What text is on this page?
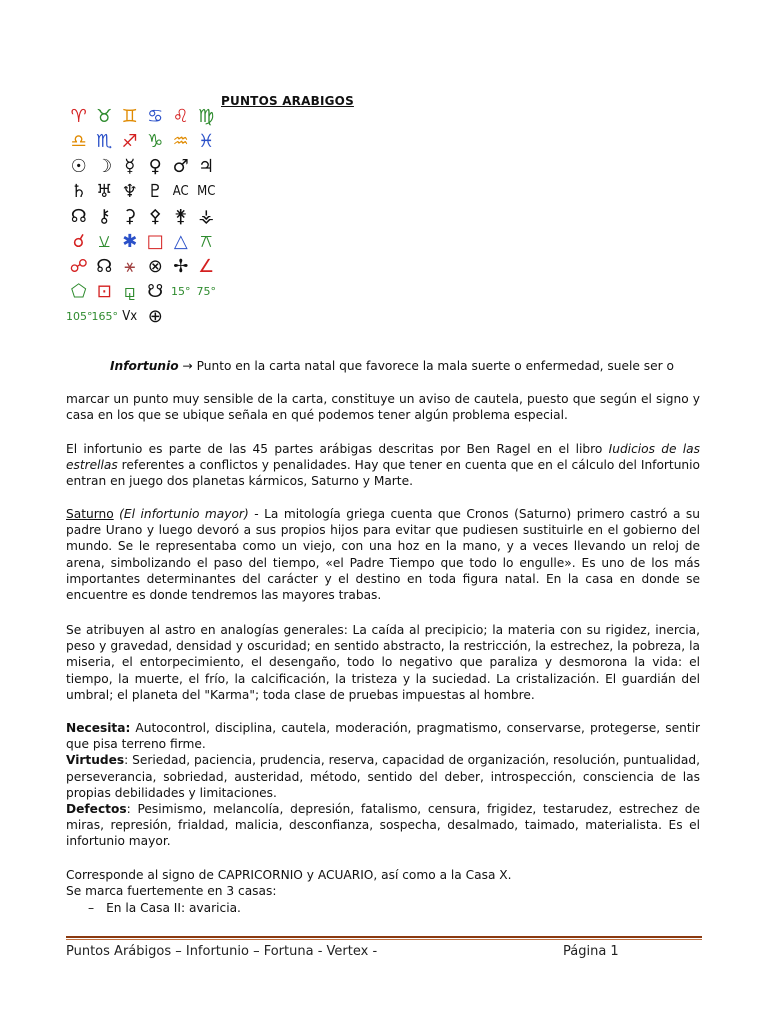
PUNTOS ARABIGOS
♈ ♉ ♊ ♋ ♌ ♍
♎ ♏ ♐ ♑ ♒ ♓
☉ ☽ ☿ ♀ ♂ ♃
♄ ♅ ♆ ♇ AC MC
☊ ⚷ ⚳ ⚴ ⚵ ⚶
☌ ⚺ ✱ □ △ ⚻
☍ ☊ ⚹ ⊗ ✢ ∠
⬠ ⊡ ⚼ ☋ 15° 75°
105° 165° Vx ⊕

Infortunio → Punto en la carta natal que favorece la mala suerte o enfermedad, suele ser o

marcar un punto muy sensible de la carta, constituye un aviso de cautela, puesto que según el signo y casa en los que se ubique señala en qué podemos tener algún problema especial.

El infortunio es parte de las 45 partes arábigas descritas por Ben Ragel en el libro Iudicios de las estrellas referentes a conflictos y penalidades. Hay que tener en cuenta que en el cálculo del Infortunio entran en juego dos planetas kármicos, Saturno y Marte.

Saturno (El infortunio mayor) - La mitología griega cuenta que Cronos (Saturno) primero castró a su padre Urano y luego devoró a sus propios hijos para evitar que pudiesen sustituirle en el gobierno del mundo. Se le representaba como un viejo, con una hoz en la mano, y a veces llevando un reloj de arena, simbolizando el paso del tiempo, «el Padre Tiempo que todo lo engulle». Es uno de los más importantes determinantes del carácter y el destino en toda figura natal. En la casa en donde se encuentre es donde tendremos las mayores trabas.

Se atribuyen al astro en analogías generales: La caída al precipicio; la materia con su rigidez, inercia, peso y gravedad, densidad y oscuridad; en sentido abstracto, la restricción, la estrechez, la pobreza, la miseria, el entorpecimiento, el desengaño, todo lo negativo que paraliza y desmorona la vida: el tiempo, la muerte, el frío, la calcificación, la tristeza y la suciedad. La cristalización. El guardián del umbral; el planeta del "Karma"; toda clase de pruebas impuestas al hombre.

Necesita: Autocontrol, disciplina, cautela, moderación, pragmatismo, conservarse, protegerse, sentir que pisa terreno firme.

Virtudes: Seriedad, paciencia, prudencia, reserva, capacidad de organización, resolución, puntualidad, perseverancia, sobriedad, austeridad, método, sentido del deber, introspección, consciencia de las propias debilidades y limitaciones.

Defectos: Pesimismo, melancolía, depresión, fatalismo, censura, frigidez, testarudez, estrechez de miras, represión, frialdad, malicia, desconfianza, sospecha, desalmado, taimado, materialista. Es el infortunio mayor.

Corresponde al signo de CAPRICORNIO y ACUARIO, así como a la Casa X.

Se marca fuertemente en 3 casas:

– En la Casa II: avaricia.
Puntos Arábigos – Infortunio – Fortuna - Vertex -	Página 1
